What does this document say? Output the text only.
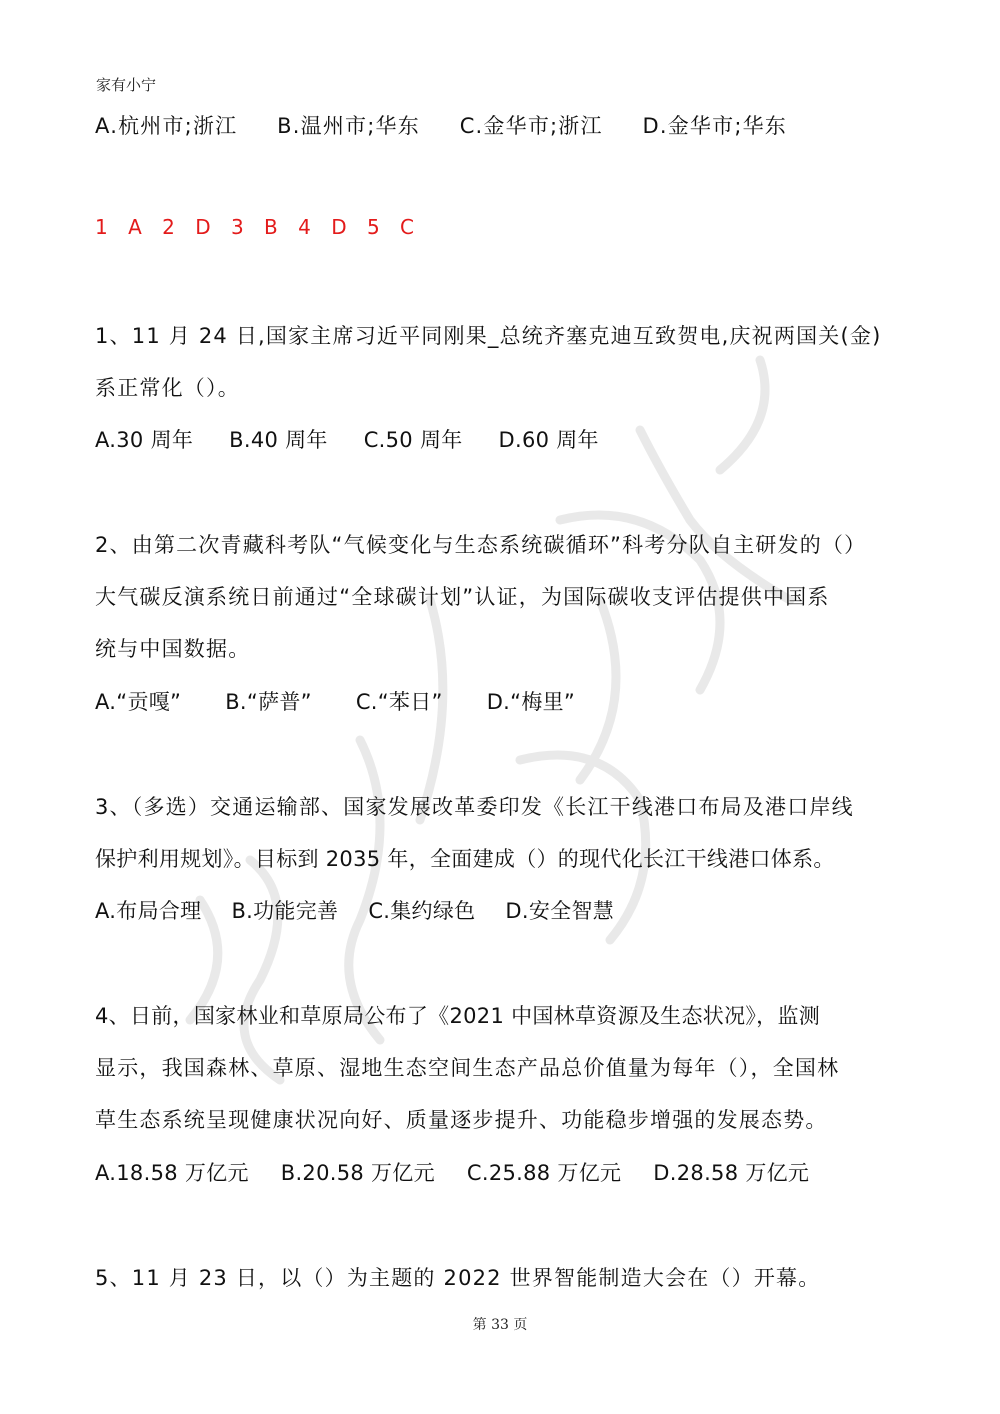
家有小宁
A.杭州市;浙江 B.温州市;华东 C.金华市;浙江 D.金华市;华东
1 A 2 D 3 B 4 D 5 C
1、11 月 24 日,国家主席习近平同刚果_总统齐塞克迪互致贺电,庆祝两国关(金)
系正常化（）。
A.30 周年 B.40 周年 C.50 周年 D.60 周年
2、由第二次青藏科考队“气候变化与生态系统碳循环”科考分队自主研发的（）
大气碳反演系统日前通过“全球碳计划”认证，为国际碳收支评估提供中国系
统与中国数据。
A.“贡嘎” B.“萨普” C.“苯日” D.“梅里”
3、（多选）交通运输部、国家发展改革委印发《长江干线港口布局及港口岸线
保护利用规划》。目标到 2035 年，全面建成（）的现代化长江干线港口体系。
A.布局合理 B.功能完善 C.集约绿色 D.安全智慧
4、日前，国家林业和草原局公布了《2021 中国林草资源及生态状况》，监测
显示，我国森林、草原、湿地生态空间生态产品总价值量为每年（），全国林
草生态系统呈现健康状况向好、质量逐步提升、功能稳步增强的发展态势。
A.18.58 万亿元 B.20.58 万亿元 C.25.88 万亿元 D.28.58 万亿元
5、11 月 23 日，以（）为主题的 2022 世界智能制造大会在（）开幕。
第 33 页
